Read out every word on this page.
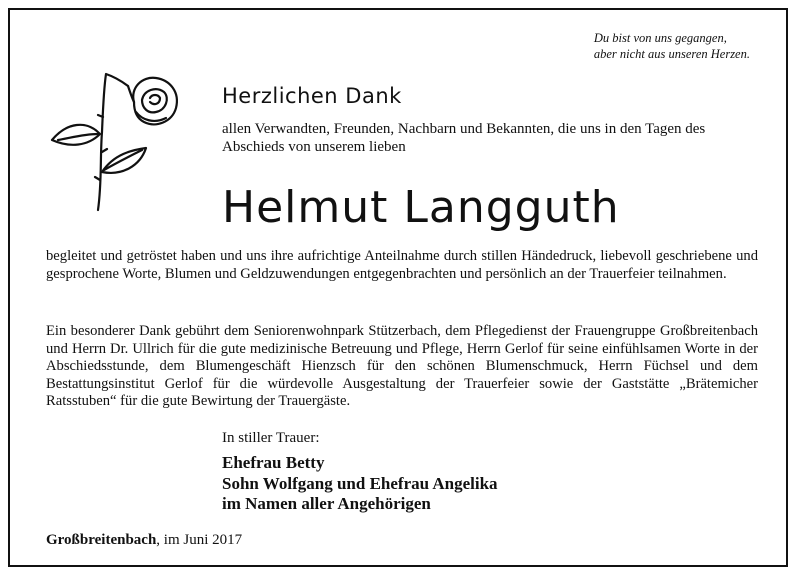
Du bist von uns gegangen,
aber nicht aus unseren Herzen.
Herzlichen Dank
allen Verwandten, Freunden, Nachbarn und Bekannten, die uns in den Tagen des Abschieds von unserem lieben
Helmut Langguth
begleitet und getröstet haben und uns ihre aufrichtige Anteilnahme durch stillen Händedruck, liebevoll geschriebene und gesprochene Worte, Blumen und Geldzuwendungen entgegenbrachten und persönlich an der Trauerfeier teilnahmen.
Ein besonderer Dank gebührt dem Seniorenwohnpark Stützerbach, dem Pflegedienst der Frauengruppe Großbreitenbach und Herrn Dr. Ullrich für die gute medizinische Betreuung und Pflege, Herrn Gerlof für seine einfühlsamen Worte in der Abschiedsstunde, dem Blumengeschäft Hienzsch für den schönen Blumenschmuck, Herrn Füchsel und dem Bestattungsinstitut Gerlof für die würdevolle Ausgestaltung der Trauerfeier sowie der Gaststätte „Brätemicher Ratsstuben“ für die gute Bewirtung der Trauergäste.
In stiller Trauer:
Ehefrau Betty
Sohn Wolfgang und Ehefrau Angelika
im Namen aller Angehörigen
Großbreitenbach, im Juni 2017
